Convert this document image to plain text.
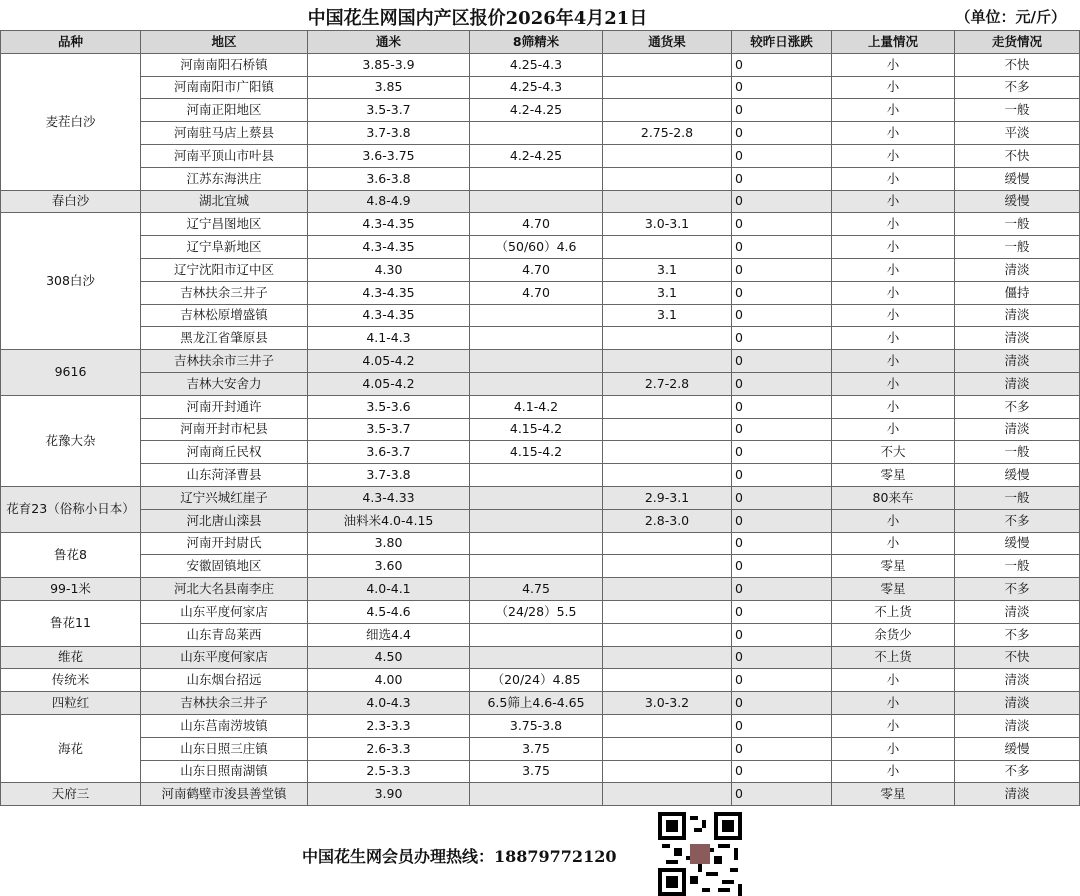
中国花生网国内产区报价2026年4月21日	（单位：元/斤）
品种	地区	通米	8筛精米	通货果	较昨日涨跌	上量情况	走货情况
麦茬白沙	河南南阳石桥镇	3.85-3.9	4.25-4.3		0	小	不快
	河南南阳市广阳镇	3.85	4.25-4.3		0	小	不多
	河南正阳地区	3.5-3.7	4.2-4.25		0	小	一般
	河南驻马店上蔡县	3.7-3.8		2.75-2.8	0	小	平淡
	河南平顶山市叶县	3.6-3.75	4.2-4.25		0	小	不快
	江苏东海洪庄	3.6-3.8			0	小	缓慢
春白沙	湖北宜城	4.8-4.9			0	小	缓慢
308白沙	辽宁昌图地区	4.3-4.35	4.70	3.0-3.1	0	小	一般
	辽宁阜新地区	4.3-4.35	（50/60）4.6		0	小	一般
	辽宁沈阳市辽中区	4.30	4.70	3.1	0	小	清淡
	吉林扶余三井子	4.3-4.35	4.70	3.1	0	小	僵持
	吉林松原增盛镇	4.3-4.35		3.1	0	小	清淡
	黑龙江省肇原县	4.1-4.3			0	小	清淡
9616	吉林扶余市三井子	4.05-4.2			0	小	清淡
	吉林大安舍力	4.05-4.2		2.7-2.8	0	小	清淡
花豫大杂	河南开封通许	3.5-3.6	4.1-4.2		0	小	不多
	河南开封市杞县	3.5-3.7	4.15-4.2		0	小	清淡
	河南商丘民权	3.6-3.7	4.15-4.2		0	不大	一般
	山东菏泽曹县	3.7-3.8			0	零星	缓慢
花育23（俗称小日本）	辽宁兴城红崖子	4.3-4.33		2.9-3.1	0	80来车	一般
	河北唐山滦县	油料米4.0-4.15		2.8-3.0	0	小	不多
鲁花8	河南开封尉氏	3.80			0	小	缓慢
	安徽固镇地区	3.60			0	零星	一般
99-1米	河北大名县南李庄	4.0-4.1	4.75		0	零星	不多
鲁花11	山东平度何家店	4.5-4.6	（24/28）5.5		0	不上货	清淡
	山东青岛莱西	细选4.4			0	余货少	不多
维花	山东平度何家店	4.50			0	不上货	不快
传统米	山东烟台招远	4.00	（20/24）4.85		0	小	清淡
四粒红	吉林扶余三井子	4.0-4.3	6.5筛上4.6-4.65	3.0-3.2	0	小	清淡
海花	山东莒南涝坡镇	2.3-3.3	3.75-3.8		0	小	清淡
	山东日照三庄镇	2.6-3.3	3.75		0	小	缓慢
	山东日照南湖镇	2.5-3.3	3.75		0	小	不多
天府三	河南鹤壁市浚县善堂镇	3.90			0	零星	清淡
中国花生网会员办理热线：18879772120
